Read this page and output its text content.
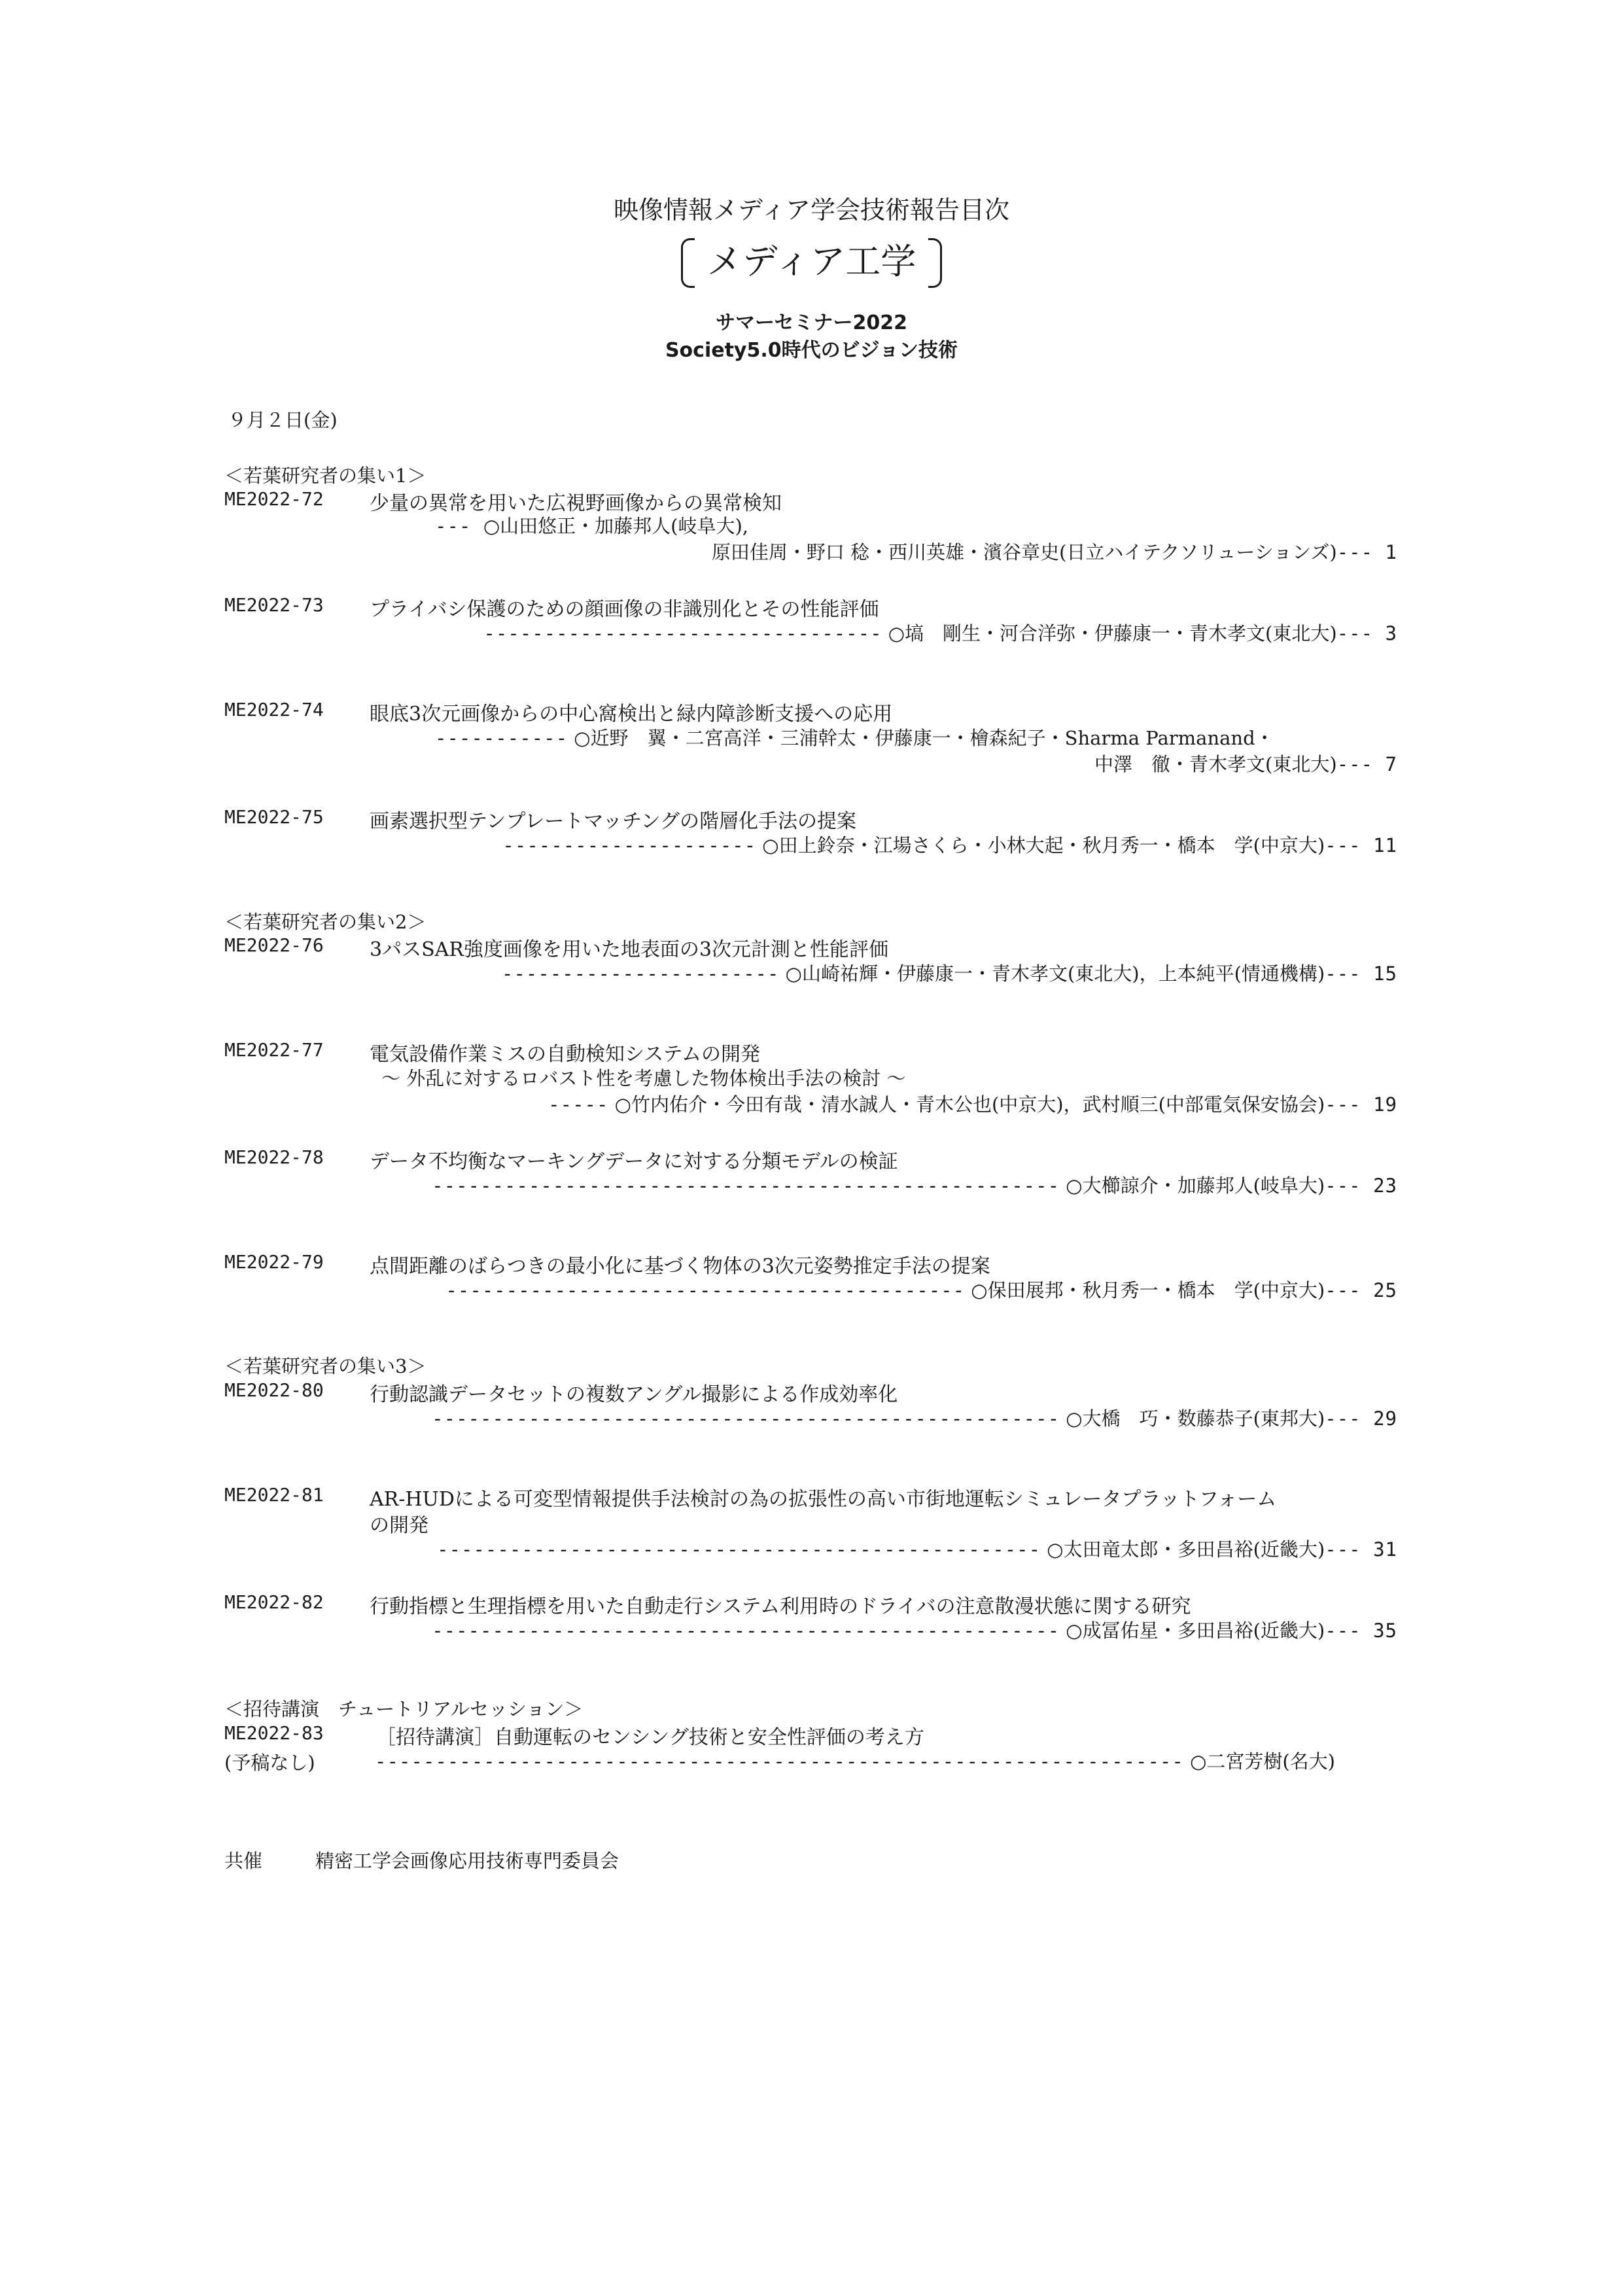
映像情報メディア学会技術報告目次
メディア工学
サマーセミナー2022
Society5.0時代のビジョン技術
９月２日(金)
＜若葉研究者の集い1＞
ME2022-72 少量の異常を用いた広視野画像からの異常検知
--- ○山田悠正・加藤邦人(岐阜大),
原田佳周・野口 稔・西川英雄・濱谷章史(日立ハイテクソリューションズ)--- 1
ME2022-73 プライバシ保護のための顔画像の非識別化とその性能評価
--------------------------------- ○塙　剛生・河合洋弥・伊藤康一・青木孝文(東北大)--- 3
ME2022-74 眼底3次元画像からの中心窩検出と緑内障診断支援への応用
----------- ○近野　翼・二宮高洋・三浦幹太・伊藤康一・檜森紀子・Sharma Parmanand・
中澤　徹・青木孝文(東北大)--- 7
ME2022-75 画素選択型テンプレートマッチングの階層化手法の提案
--------------------- ○田上鈴奈・江場さくら・小林大起・秋月秀一・橋本　学(中京大)--- 11
＜若葉研究者の集い2＞
ME2022-76 3パスSAR強度画像を用いた地表面の3次元計測と性能評価
----------------------- ○山崎祐輝・伊藤康一・青木孝文(東北大)，上本純平(情通機構)--- 15
ME2022-77 電気設備作業ミスの自動検知システムの開発
～ 外乱に対するロバスト性を考慮した物体検出手法の検討 ～
----- ○竹内佑介・今田有哉・清水誠人・青木公也(中京大)，武村順三(中部電気保安協会)--- 19
ME2022-78 データ不均衡なマーキングデータに対する分類モデルの検証
---------------------------------------------------- ○大櫛諒介・加藤邦人(岐阜大)--- 23
ME2022-79 点間距離のばらつきの最小化に基づく物体の3次元姿勢推定手法の提案
------------------------------------------- ○保田展邦・秋月秀一・橋本　学(中京大)--- 25
＜若葉研究者の集い3＞
ME2022-80 行動認識データセットの複数アングル撮影による作成効率化
---------------------------------------------------- ○大橋　巧・数藤恭子(東邦大)--- 29
ME2022-81 AR-HUDによる可変型情報提供手法検討の為の拡張性の高い市街地運転シミュレータプラットフォーム
の開発
-------------------------------------------------- ○太田竜太郎・多田昌裕(近畿大)--- 31
ME2022-82 行動指標と生理指標を用いた自動走行システム利用時のドライバの注意散漫状態に関する研究
---------------------------------------------------- ○成冨佑星・多田昌裕(近畿大)--- 35
＜招待講演　チュートリアルセッション＞
ME2022-83
(予稿なし)
［招待講演］自動運転のセンシング技術と安全性評価の考え方
------------------------------------------------------------------- ○二宮芳樹(名大)
共催	精密工学会画像応用技術専門委員会
